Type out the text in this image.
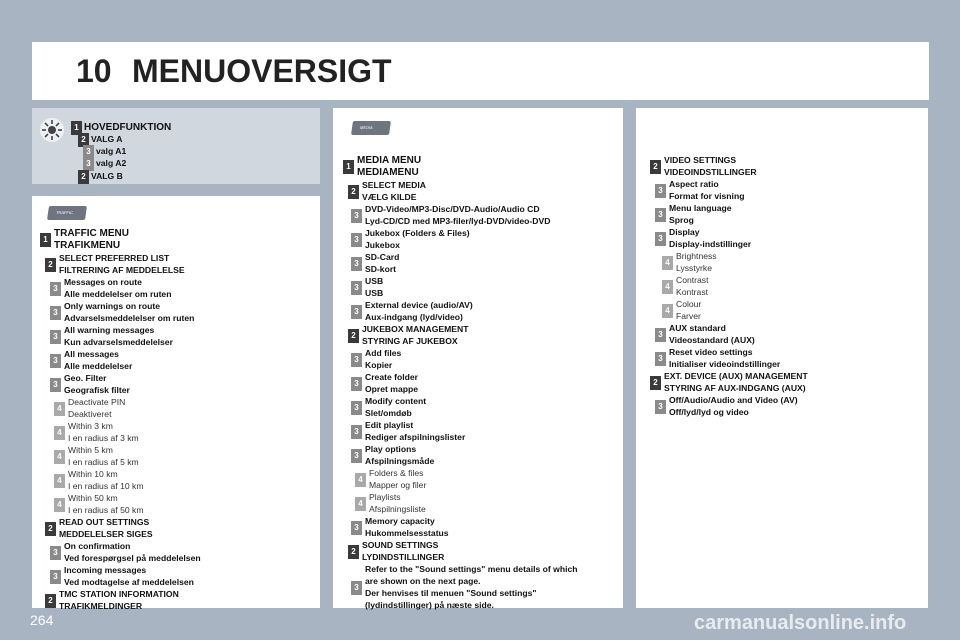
10 MENUOVERSIGT
TRAFFIC
MEDIA
1 HOVEDFUNKTION
2 VALG A
3 valg A1
3 valg A2
2 VALG B
1
TRAFFIC MENU
TRAFIKMENU
2
SELECT PREFERRED LIST
FILTRERING AF MEDDELELSE
3
Messages on route
Alle meddelelser om ruten
3
Only warnings on route
Advarselsmeddelelser om ruten
3
All warning messages
Kun advarselsmeddelelser
3
All messages
Alle meddelelser
3
Geo. Filter
Geografisk filter
4
Deactivate PIN
Deaktiveret
4
Within 3 km
I en radius af 3 km
4
Within 5 km
I en radius af 5 km
4
Within 10 km
I en radius af 10 km
4
Within 50 km
I en radius af 50 km
2
READ OUT SETTINGS
MEDDELELSER SIGES
3
On confirmation
Ved forespørgsel på meddelelsen
3
Incoming messages
Ved modtagelse af meddelelsen
2
TMC STATION INFORMATION
TRAFIKMELDINGER
1
MEDIA MENU
MEDIAMENU
2
SELECT MEDIA
VÆLG KILDE
3
DVD-Video/MP3-Disc/DVD-Audio/Audio CD
Lyd-CD/CD med MP3-filer/lyd-DVD/video-DVD
3
Jukebox (Folders & Files)
Jukebox
3
SD-Card
SD-kort
3
USB
USB
3
External device (audio/AV)
Aux-indgang (lyd/video)
2
JUKEBOX MANAGEMENT
STYRING AF JUKEBOX
3
Add files
Kopier
3
Create folder
Opret mappe
3
Modify content
Slet/omdøb
3
Edit playlist
Rediger afspilningslister
3
Play options
Afspilningsmåde
4
Folders & files
Mapper og filer
4
Playlists
Afspilningsliste
3
Memory capacity
Hukommelsesstatus
2
SOUND SETTINGS
LYDINDSTILLINGER
3
Refer to the "Sound settings" menu details of which
are shown on the next page.
Der henvises til menuen "Sound settings"
(lydindstillinger) på næste side.
2
VIDEO SETTINGS
VIDEOINDSTILLINGER
3
Aspect ratio
Format for visning
3
Menu language
Sprog
3
Display
Display-indstillinger
4
Brightness
Lysstyrke
4
Contrast
Kontrast
4
Colour
Farver
3
AUX standard
Videostandard (AUX)
3
Reset video settings
Initialiser videoindstillinger
2
EXT. DEVICE (AUX) MANAGEMENT
STYRING AF AUX-INDGANG (AUX)
3
Off/Audio/Audio and Video (AV)
Off/lyd/lyd og video
264	carmanualsonline.info
